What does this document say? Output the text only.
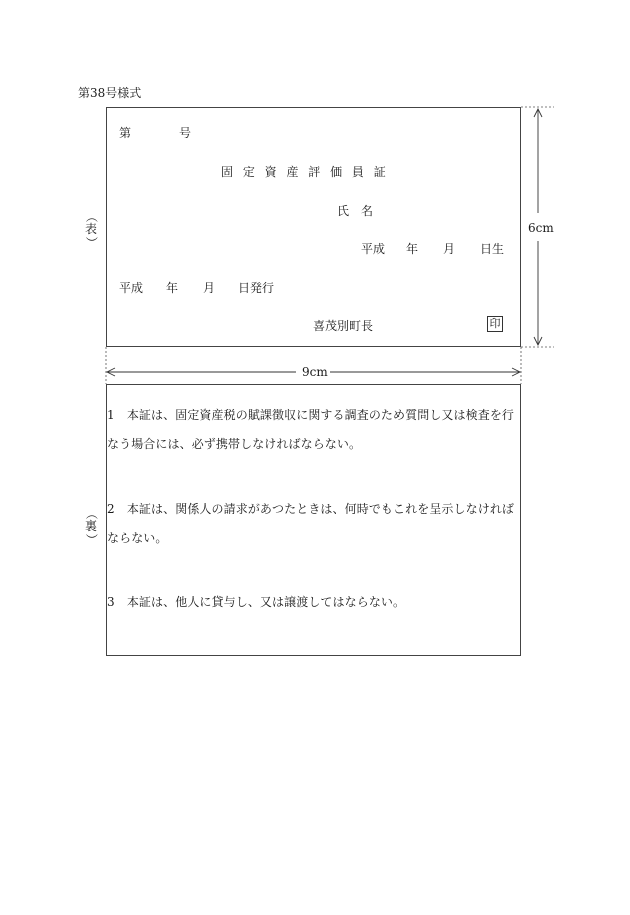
第38号様式
6cm
9cm
（
表
）
第	号
固 定 資 産 評 価 員 証
氏　名
平成 年 月 日生
平成 年 月 日発行
喜茂別町長	印
（
裏
）
1　本証は、固定資産税の賦課徴収に関する調査のため質問し又は検査を行なう場合には、必ず携帯しなければならない。
2　本証は、関係人の請求があつたときは、何時でもこれを呈示しなければならない。
3　本証は、他人に貸与し、又は譲渡してはならない。
